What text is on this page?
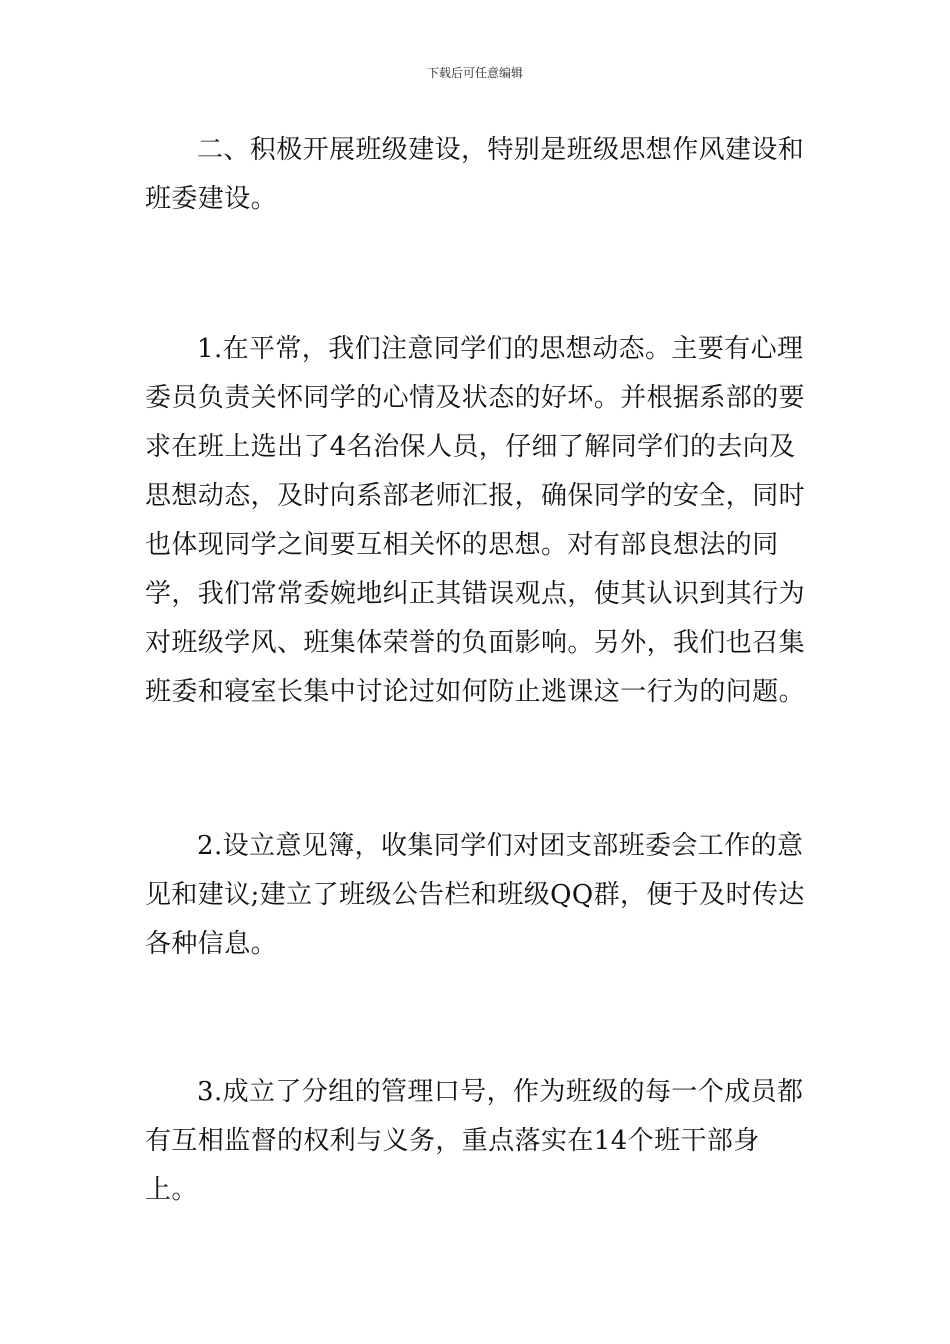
下载后可任意编辑

二、积极开展班级建设，特别是班级思想作风建设和班委建设。

1.在平常，我们注意同学们的思想动态。主要有心理委员负责关怀同学的心情及状态的好坏。并根据系部的要求在班上选出了4名治保人员，仔细了解同学们的去向及思想动态，及时向系部老师汇报，确保同学的安全，同时也体现同学之间要互相关怀的思想。对有部良想法的同学，我们常常委婉地纠正其错误观点，使其认识到其行为对班级学风、班集体荣誉的负面影响。另外，我们也召集班委和寝室长集中讨论过如何防止逃课这一行为的问题。

2.设立意见簿，收集同学们对团支部班委会工作的意见和建议;建立了班级公告栏和班级QQ群，便于及时传达各种信息。

3.成立了分组的管理口号，作为班级的每一个成员都有互相监督的权利与义务，重点落实在14个班干部身上。
